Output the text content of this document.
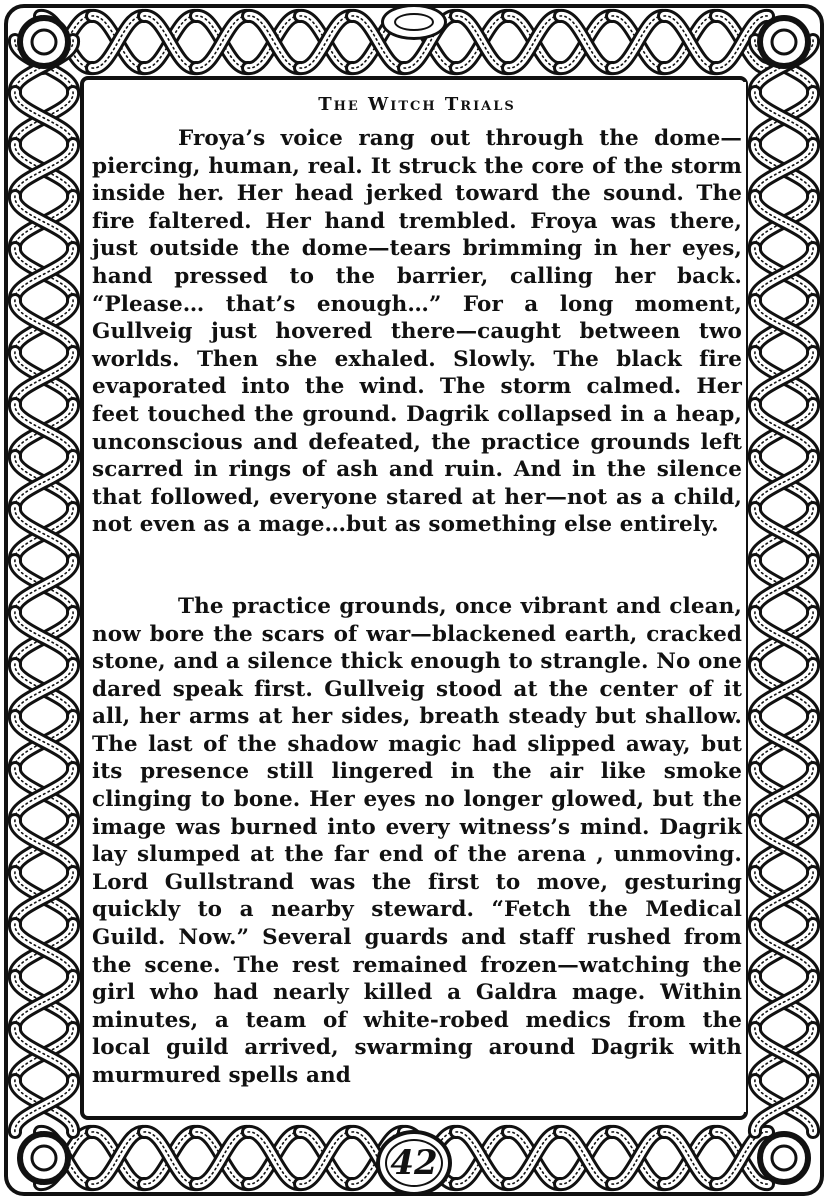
The Witch Trials

Froya’s voice rang out through the dome—piercing, human, real. It struck the core of the storm inside her. Her head jerked toward the sound. The fire faltered. Her hand trembled. Froya was there, just outside the dome—tears brimming in her eyes, hand pressed to the barrier, calling her back. “Please… that’s enough…” For a long moment, Gullveig just hovered there—caught between two worlds. Then she exhaled. Slowly. The black fire evaporated into the wind. The storm calmed. Her feet touched the ground. Dagrik collapsed in a heap, unconscious and defeated, the practice grounds left scarred in rings of ash and ruin. And in the silence that followed, everyone stared at her—not as a child, not even as a mage…but as something else entirely.

The practice grounds, once vibrant and clean, now bore the scars of war—blackened earth, cracked stone, and a silence thick enough to strangle. No one dared speak first. Gullveig stood at the center of it all, her arms at her sides, breath steady but shallow. The last of the shadow magic had slipped away, but its presence still lingered in the air like smoke clinging to bone. Her eyes no longer glowed, but the image was burned into every witness’s mind. Dagrik lay slumped at the far end of the arena , unmoving. Lord Gullstrand was the first to move, gesturing quickly to a nearby steward. “Fetch the Medical Guild. Now.” Several guards and staff rushed from the scene. The rest remained frozen—watching the girl who had nearly killed a Galdra mage. Within minutes, a team of white-robed medics from the local guild arrived, swarming around Dagrik with murmured spells and

42
